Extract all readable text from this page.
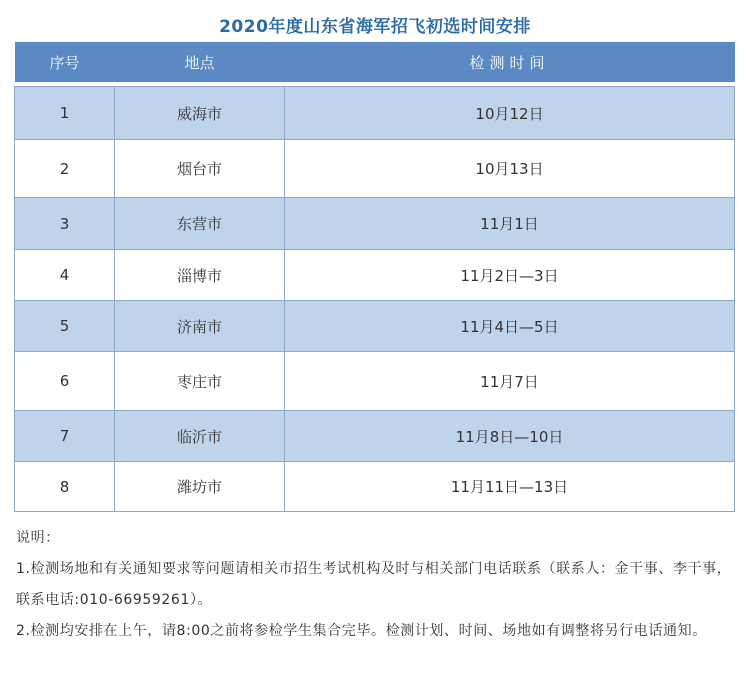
2020年度山东省海军招飞初选时间安排
序号	地点	检测时间

1	威海市	10月12日
2	烟台市	10月13日
3	东营市	11月1日
4	淄博市	11月2日—3日
5	济南市	11月4日—5日
6	枣庄市	11月7日
7	临沂市	11月8日—10日
8	潍坊市	11月11日—13日

说明：

1.检测场地和有关通知要求等问题请相关市招生考试机构及时与相关部门电话联系（联系人：金干事、李干事，联系电话:010-66959261）。

2.检测均安排在上午，请8:00之前将参检学生集合完毕。检测计划、时间、场地如有调整将另行电话通知。
